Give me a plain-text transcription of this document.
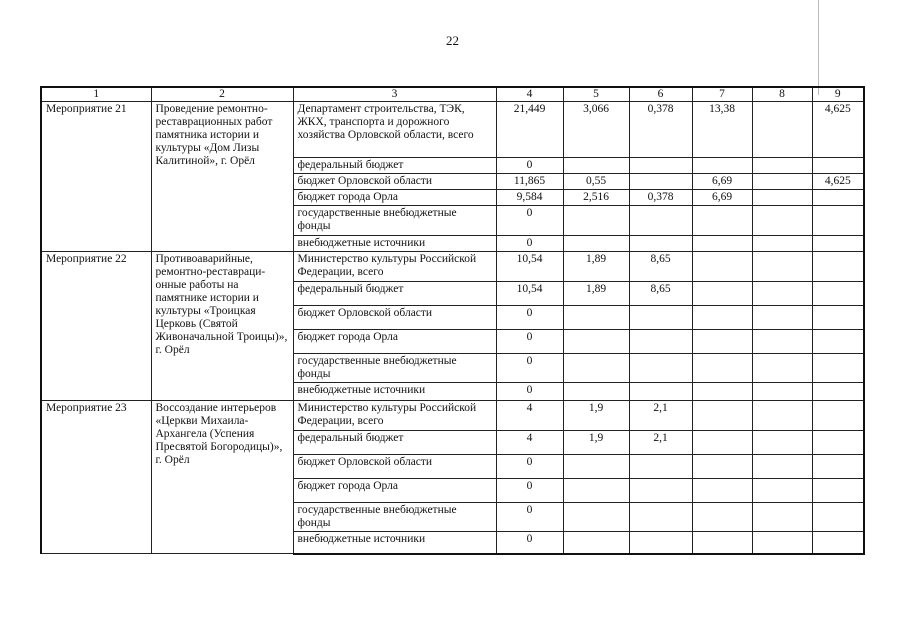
22
1	2	3	4	5	6	7	8	9
Мероприятие 21	Проведение ремонтно-реставрационных работ памятника истории и культуры «Дом Лизы Калитиной», г. Орёл	Департамент строительства, ТЭК, ЖКХ, транспорта и дорожного хозяйства Орловской области, всего	21,449	3,066	0,378	13,38		4,625
		федеральный бюджет	0					
		бюджет Орловской области	11,865	0,55		6,69		4,625
		бюджет города Орла	9,584	2,516	0,378	6,69		
		государственные внебюджетные фонды	0					
		внебюджетные источники	0					
Мероприятие 22	Противоаварийные, ремонтно-реставраци-онные работы на памятнике истории и культуры «Троицкая Церковь (Святой Живоначальной Троицы)», г. Орёл	Министерство культуры Российской Федерации, всего	10,54	1,89	8,65			
		федеральный бюджет	10,54	1,89	8,65			
		бюджет Орловской области	0					
		бюджет города Орла	0					
		государственные внебюджетные фонды	0					
		внебюджетные источники	0					
Мероприятие 23	Воссоздание интерьеров «Церкви Михаила-Архангела (Успения Пресвятой Богородицы)», г. Орёл	Министерство культуры Российской Федерации, всего	4	1,9	2,1			
		федеральный бюджет	4	1,9	2,1			
		бюджет Орловской области	0					
		бюджет города Орла	0					
		государственные внебюджетные фонды	0					
		внебюджетные источники	0					
